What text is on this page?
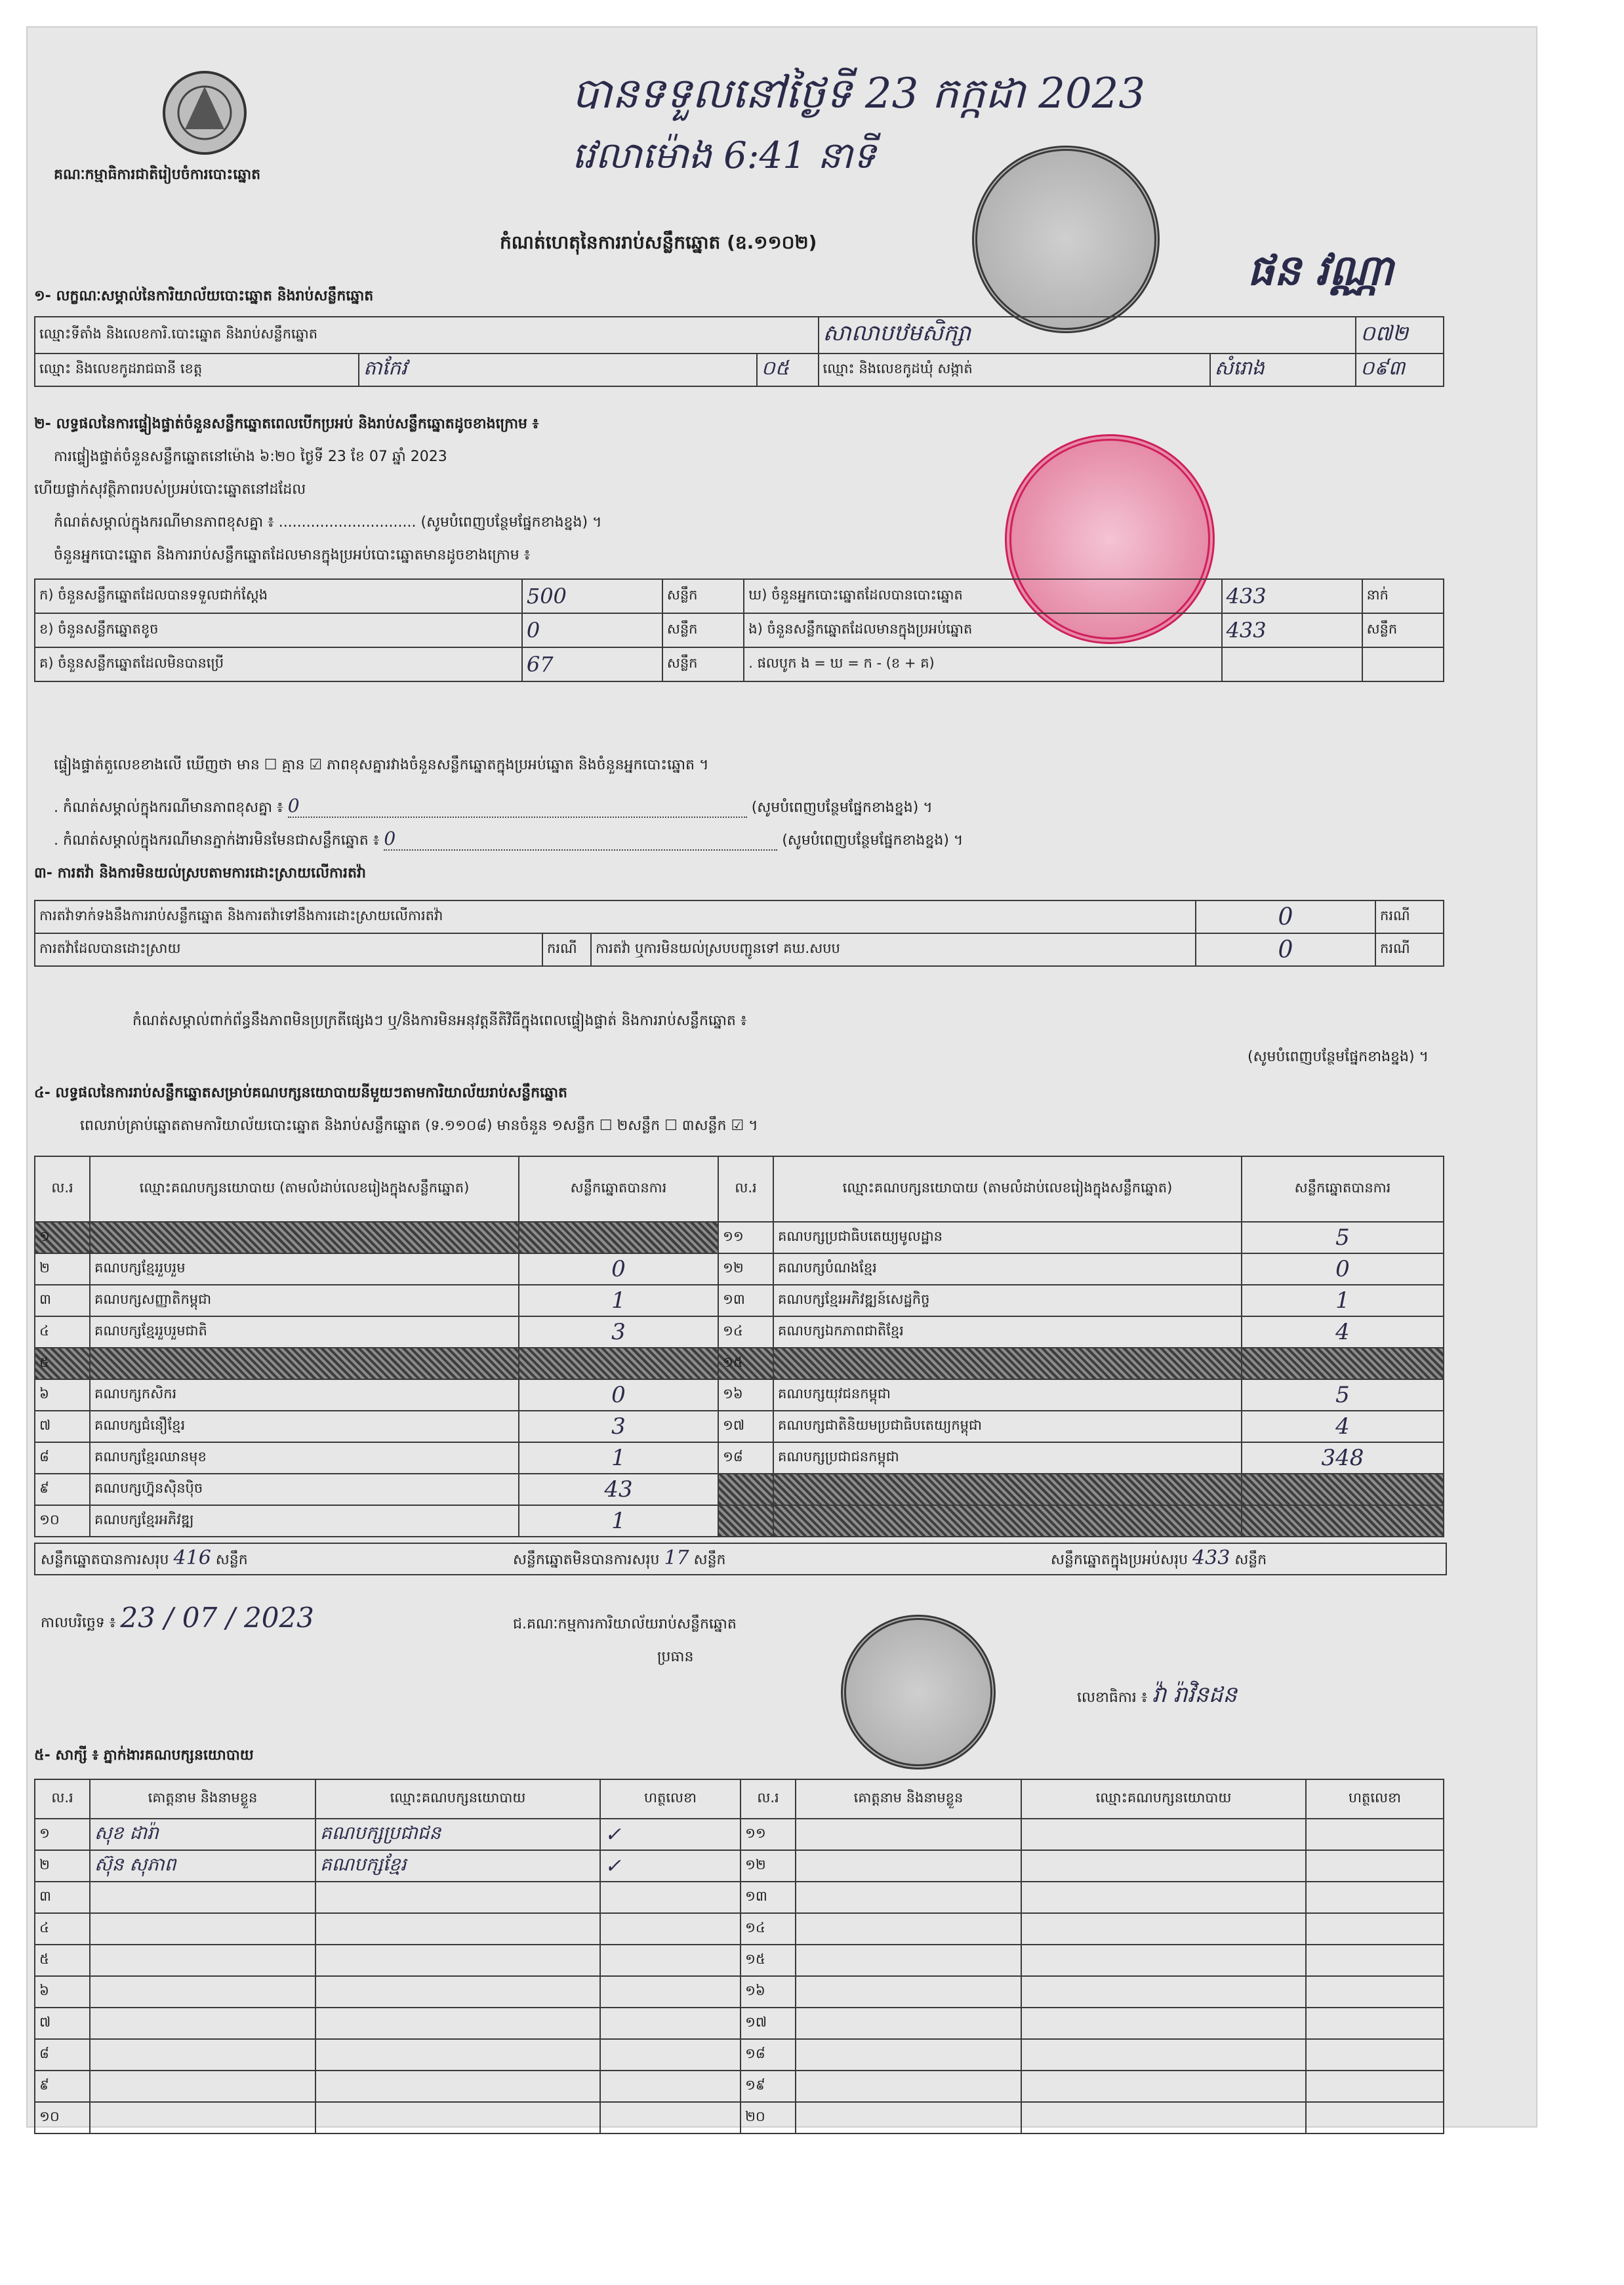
គណៈកម្មាធិការជាតិរៀបចំការបោះឆ្នោត
បានទទួលនៅថ្ងៃទី 23 កក្កដា 2023
វេលាម៉ោង 6:41 នាទី
ផន វណ្ណា
កំណត់ហេតុនៃការរាប់សន្លឹកឆ្នោត (ឧ.១១០២)
១- លក្ខណៈសម្គាល់នៃការិយាល័យបោះឆ្នោត និងរាប់សន្លឹកឆ្នោត
ឈ្មោះទីតាំង និងលេខការិ.បោះឆ្នោត និងរាប់សន្លឹកឆ្នោត			សាលាបឋមសិក្សា		០៧២
ឈ្មោះ និងលេខកូដរាជធានី ខេត្ត	តាកែវ	០៥	ឈ្មោះ និងលេខកូដឃុំ សង្កាត់	សំរោង	០៩៣
២- លទ្ធផលនៃការផ្ទៀងផ្ទាត់ចំនួនសន្លឹកឆ្នោតពេលបើកប្រអប់ និងរាប់សន្លឹកឆ្នោតដូចខាងក្រោម ៖
ការផ្ទៀងផ្ទាត់ចំនួនសន្លឹកឆ្នោតនៅម៉ោង ៦:២០ ថ្ងៃទី 23 ខែ 07 ឆ្នាំ 2023
ហើយផ្លាក់សុវត្ថិភាពរបស់ប្រអប់បោះឆ្នោតនៅដដែល
កំណត់សម្គាល់ក្នុងករណីមានភាពខុសគ្នា ៖ .............................. (សូមបំពេញបន្ថែមផ្នែកខាងខ្នង) ។
ចំនួនអ្នកបោះឆ្នោត និងការរាប់សន្លឹកឆ្នោតដែលមានក្នុងប្រអប់បោះឆ្នោតមានដូចខាងក្រោម ៖
ក) ចំនួនសន្លឹកឆ្នោតដែលបានទទួលជាក់ស្ដែង	500	សន្លឹក	ឃ) ចំនួនអ្នកបោះឆ្នោតដែលបានបោះឆ្នោត	433	នាក់
ខ) ចំនួនសន្លឹកឆ្នោតខូច	0	សន្លឹក	ង) ចំនួនសន្លឹកឆ្នោតដែលមានក្នុងប្រអប់ឆ្នោត	433	សន្លឹក
គ) ចំនួនសន្លឹកឆ្នោតដែលមិនបានប្រើ	67	សន្លឹក	. ផលបូក ង = ឃ = ក - (ខ + គ)		
ផ្ទៀងផ្ទាត់តួលេខខាងលើ ឃើញថា មាន ☐ គ្មាន ☑ ភាពខុសគ្នារវាងចំនួនសន្លឹកឆ្នោតក្នុងប្រអប់ឆ្នោត និងចំនួនអ្នកបោះឆ្នោត ។
. កំណត់សម្គាល់ក្នុងករណីមានភាពខុសគ្នា ៖ 0	(សូមបំពេញបន្ថែមផ្នែកខាងខ្នង) ។
. កំណត់សម្គាល់ក្នុងករណីមានភ្នាក់ងារមិនមែនជាសន្លឹកឆ្នោត ៖ 0	(សូមបំពេញបន្ថែមផ្នែកខាងខ្នង) ។
៣- ការតវ៉ា និងការមិនយល់ស្របតាមការដោះស្រាយលើការតវ៉ា
ការតវ៉ាទាក់ទងនឹងការរាប់សន្លឹកឆ្នោត និងការតវ៉ាទៅនឹងការដោះស្រាយលើការតវ៉ា			0	ករណី
ការតវ៉ាដែលបានដោះស្រាយ	ករណី	ការតវ៉ា ឬការមិនយល់ស្របបញ្ជូនទៅ គឃ.សបប	0	ករណី
កំណត់សម្គាល់ពាក់ព័ន្ធនឹងភាពមិនប្រក្រតីផ្សេងៗ ឬ/និងការមិនអនុវត្តនីតិវិធីក្នុងពេលផ្ទៀងផ្ទាត់ និងការរាប់សន្លឹកឆ្នោត ៖
(សូមបំពេញបន្ថែមផ្នែកខាងខ្នង) ។
៤- លទ្ធផលនៃការរាប់សន្លឹកឆ្នោតសម្រាប់គណបក្សនយោបាយនីមួយៗតាមការិយាល័យរាប់សន្លឹកឆ្នោត
ពេលរាប់គ្រាប់ឆ្នោតតាមការិយាល័យបោះឆ្នោត និងរាប់សន្លឹកឆ្នោត (ទ.១១០៨) មានចំនួន ១សន្លឹក ☐ ២សន្លឹក ☐ ៣សន្លឹក ☑ ។
ល.រ	ឈ្មោះគណបក្សនយោបាយ (តាមលំដាប់លេខរៀងក្នុងសន្លឹកឆ្នោត)	សន្លឹកឆ្នោតបានការ	ល.រ	ឈ្មោះគណបក្សនយោបាយ (តាមលំដាប់លេខរៀងក្នុងសន្លឹកឆ្នោត)	សន្លឹកឆ្នោតបានការ
១			១១	គណបក្សប្រជាធិបតេយ្យមូលដ្ឋាន	5
២	គណបក្សខ្មែររួបរួម	0	១២	គណបក្សបំណងខ្មែរ	0
៣	គណបក្សសញ្ញាតិកម្ពុជា	1	១៣	គណបក្សខ្មែរអភិវឌ្ឍន៍សេដ្ឋកិច្ច	1
៤	គណបក្សខ្មែររួបរួមជាតិ	3	១៤	គណបក្សឯកភាពជាតិខ្មែរ	4
៥			១៥		
៦	គណបក្សកសិករ	0	១៦	គណបក្សយុវជនកម្ពុជា	5
៧	គណបក្សជំនឿខ្មែរ	3	១៧	គណបក្សជាតិនិយមប្រជាធិបតេយ្យកម្ពុជា	4
៨	គណបក្សខ្មែរឈានមុខ	1	១៨	គណបក្សប្រជាជនកម្ពុជា	348
៩	គណបក្សហ្វ៊ុនស៊ិនប៉ិច	43			
១០	គណបក្សខ្មែរអភិវឌ្ឍ	1			
សន្លឹកឆ្នោតបានការសរុប 416 សន្លឹក	សន្លឹកឆ្នោតមិនបានការសរុប 17 សន្លឹក	សន្លឹកឆ្នោតក្នុងប្រអប់សរុប 433 សន្លឹក
កាលបរិច្ឆេទ ៖ 23 / 07 / 2023	ជ.គណៈកម្មការការិយាល័យរាប់សន្លឹកឆ្នោត
ប្រធាន
លេខាធិការ ៖ វ៉ា រ៉ាវិនដន
៥- សាក្សី ៖ ភ្នាក់ងារគណបក្សនយោបាយ
ល.រ	គោត្តនាម និងនាមខ្លួន	ឈ្មោះគណបក្សនយោបាយ	ហត្ថលេខា	ល.រ	គោត្តនាម និងនាមខ្លួន	ឈ្មោះគណបក្សនយោបាយ	ហត្ថលេខា
១	សុខ ដារ៉ា	គណបក្សប្រជាជន	✓	១១			
២	ស៊ុន សុភាព	គណបក្សខ្មែរ	✓	១២			
៣				១៣			
៤				១៤			
៥				១៥			
៦				១៦			
៧				១៧			
៨				១៨			
៩				១៩			
១០				២០			
